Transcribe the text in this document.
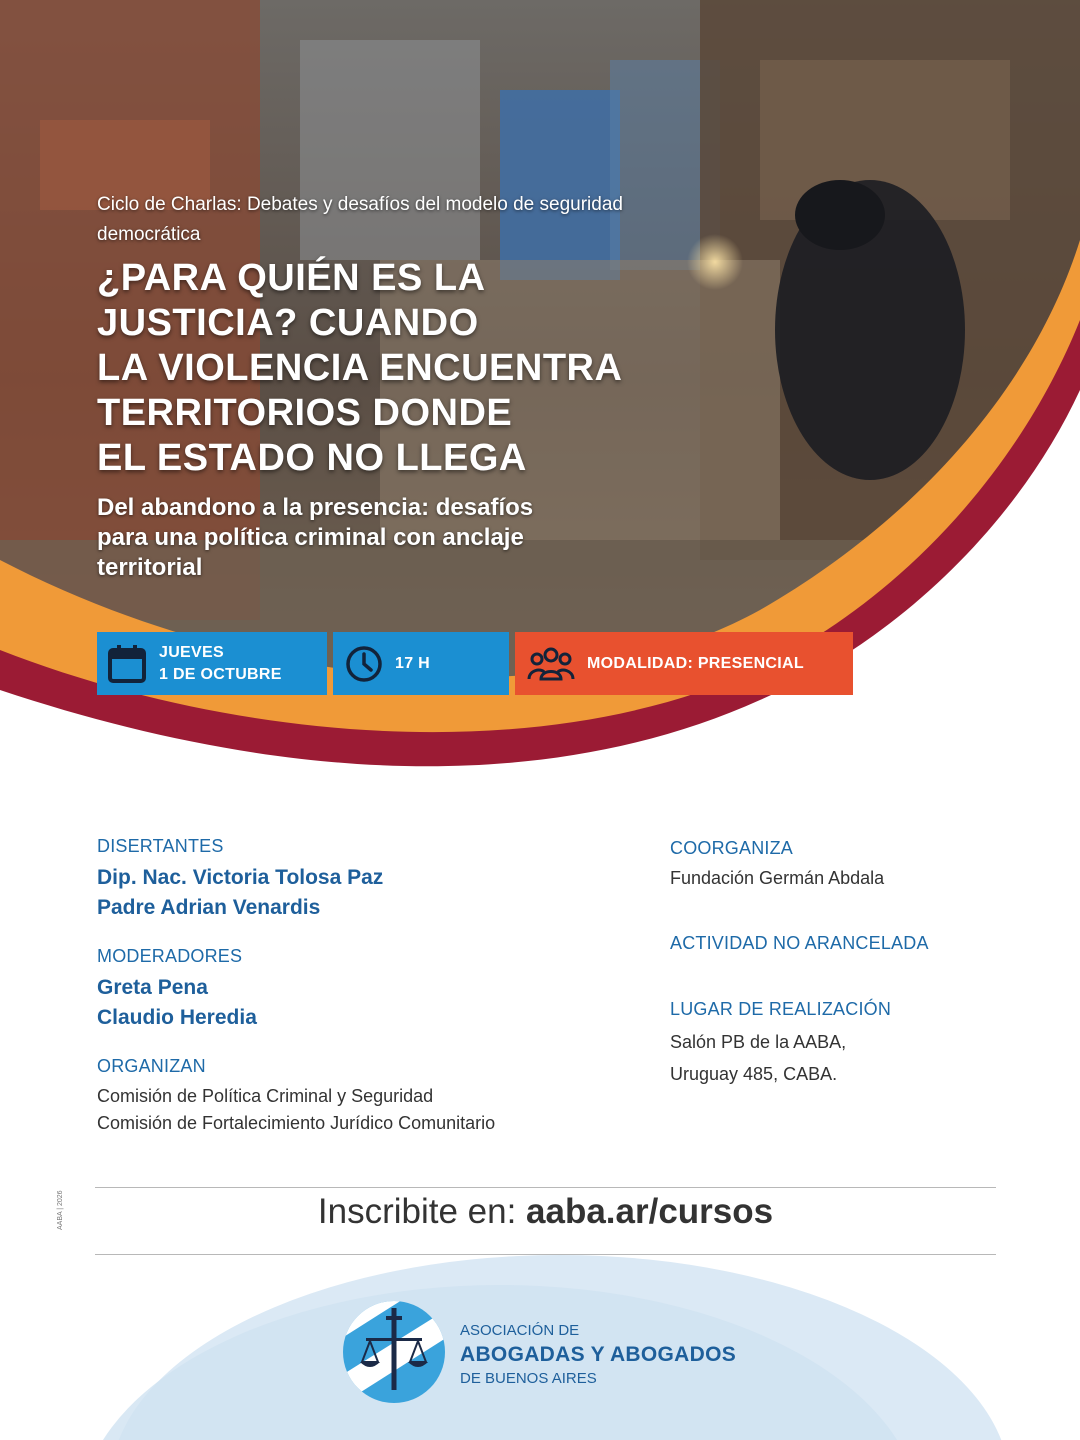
Ciclo de Charlas: Debates y desafíos del modelo de seguridad democrática

¿PARA QUIÉN ES LA
JUSTICIA? CUANDO
LA VIOLENCIA ENCUENTRA
TERRITORIOS DONDE
EL ESTADO NO LLEGA

Del abandono a la presencia: desafíos para una política criminal con anclaje territorial

JUEVES
1 DE OCTUBRE
17 H	MODALIDAD: PRESENCIAL

DISERTANTES

Dip. Nac. Victoria Tolosa Paz
Padre Adrian Venardis

MODERADORES

Greta Pena
Claudio Heredia

ORGANIZAN

Comisión de Política Criminal y Seguridad
Comisión de Fortalecimiento Jurídico Comunitario

COORGANIZA

Fundación Germán Abdala

ACTIVIDAD NO ARANCELADA

LUGAR DE REALIZACIÓN

Salón PB de la AABA,
Uruguay 485, CABA.

Inscribite en: aaba.ar/cursos
AABA | 2026
ASOCIACIÓN DE
ABOGADAS Y ABOGADOS
DE BUENOS AIRES
